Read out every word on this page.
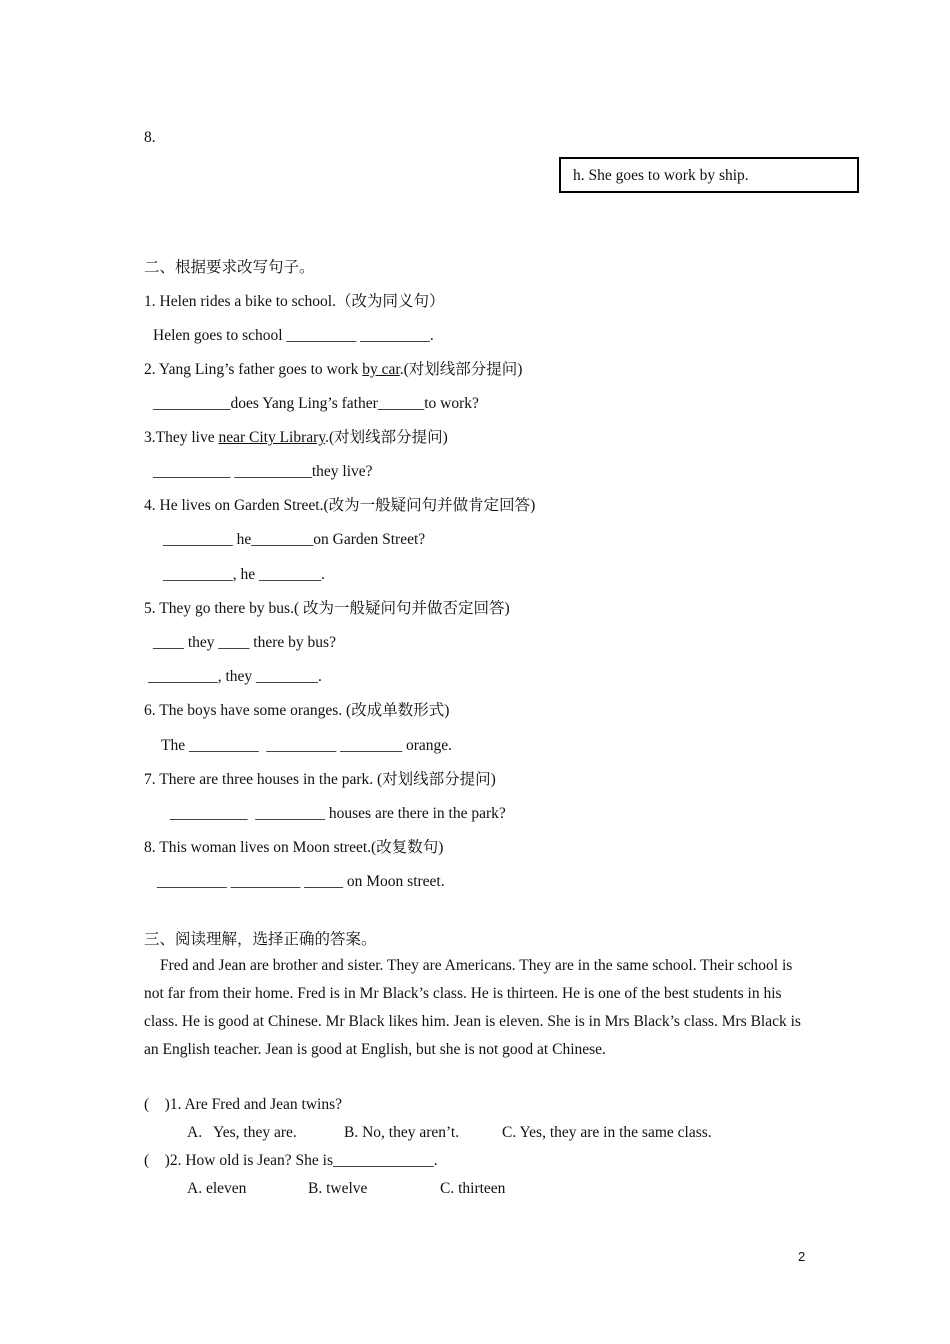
8.
h. She goes to work by ship.
二、根据要求改写句子。
1. Helen rides a bike to school.（改为同义句）
Helen goes to school _________ _________.
2. Yang Ling’s father goes to work by car.(对划线部分提问)
__________does Yang Ling’s father______to work?
3.They live near City Library.(对划线部分提问)
__________ __________they live?
4. He lives on Garden Street.(改为一般疑问句并做肯定回答)
_________ he________on Garden Street?
_________, he ________.
5. They go there by bus.( 改为一般疑问句并做否定回答)
____ they ____ there by bus?
_________, they ________.
6. The boys have some oranges. (改成单数形式)
The _________  _________ ________ orange.
7. There are three houses in the park. (对划线部分提问)
__________  _________ houses are there in the park?
8. This woman lives on Moon street.(改复数句)
_________ _________ _____ on Moon street.
三、阅读理解，选择正确的答案。
Fred and Jean are brother and sister. They are Americans. They are in the same school. Their school is not far from their home. Fred is in Mr Black’s class. He is thirteen. He is one of the best students in his class. He is good at Chinese. Mr Black likes him. Jean is eleven. She is in Mrs Black’s class. Mrs Black is an English teacher. Jean is good at English, but she is not good at Chinese.
(    )1. Are Fred and Jean twins?
A.   Yes, they are.	B. No, they aren’t.	C. Yes, they are in the same class.
(    )2. How old is Jean? She is_____________.
A. eleven	B. twelve	C. thirteen
2
